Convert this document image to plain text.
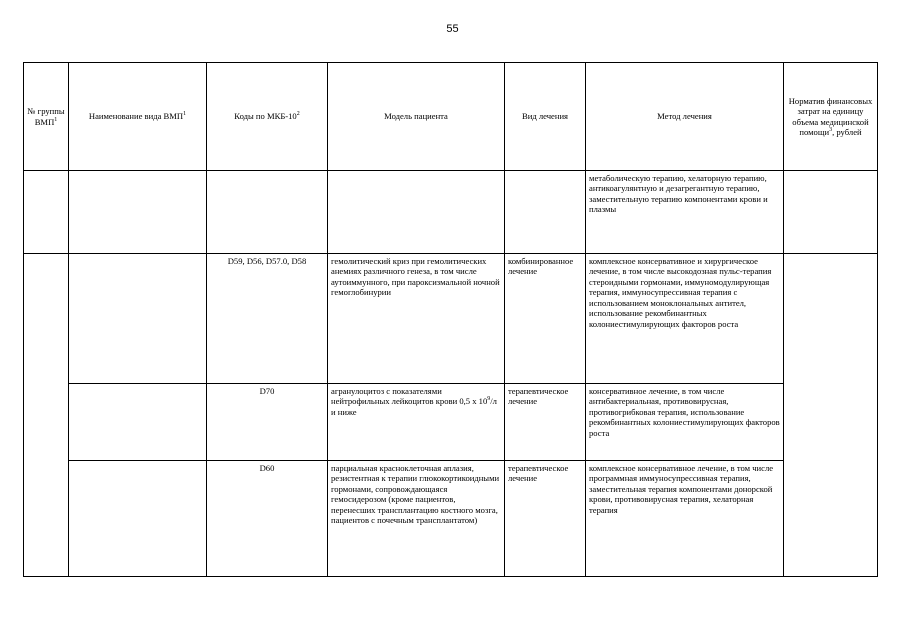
55
№ группы ВМП$^1$	Наименование вида ВМП$^1$	Коды по МКБ-$10^2$	Модель пациента	Вид лечения	Метод лечения	Норматив финансовых затрат на единицу объема медицинской помощи$^3$, рублей
					метаболическую терапию, хелаторную терапию, антикоагулянтную и дезагрегантную терапию, заместительную терапию компонентами крови и плазмы	
		D59, D56, D57.0, D58	гемолитический криз при гемолитических анемиях различного генеза, в том числе аутоиммунного, при пароксизмальной ночной гемоглобинурии	комбинированное лечение	комплексное консервативное и хирургическое лечение, в том числе высокодозная пульс-терапия стероидными гормонами, иммуномодулирующая терапия, иммуносупрессивная терапия с использованием моноклональных антител, использование рекомбинантных колониестимулирующих факторов роста	
		D70	агранулоцитоз с показателями нейтрофильных лейкоцитов крови 0,5 х $10^9/л$ и ниже	терапевтическое лечение	консервативное лечение, в том числе антибактериальная, противовирусная, противогрибковая терапия, использование рекомбинантных колониестимулирующих факторов роста	
		D60	парциальная красноклеточная аплазия, резистентная к терапии глюкокортикоидными гормонами, сопровождающаяся гемосидерозом (кроме пациентов, перенесших трансплантацию костного мозга, пациентов с почечным трансплантатом)	терапевтическое лечение	комплексное консервативное лечение, в том числе программная иммуносупрессивная терапия, заместительная терапия компонентами донорской крови, противовирусная терапия, хелаторная терапия	
